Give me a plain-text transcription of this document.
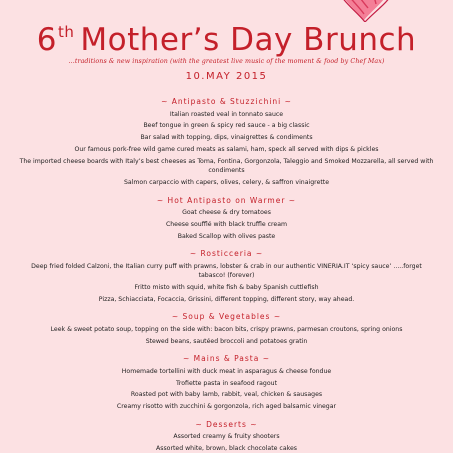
6th Mother’s Day Brunch
...traditions & new inspiration (with the greatest live music of the moment & food by Chef Max)
10.MAY 2015
~ Antipasto & Stuzzichini ~
Italian roasted veal in tonnato sauce
Beef tongue in green & spicy red sauce - a big classic
Bar salad with topping, dips, vinaigrettes & condiments
Our famous pork-free wild game cured meats as salami, ham, speck all served with dips & pickles
The imported cheese boards with Italy’s best cheeses as Toma, Fontina, Gorgonzola, Taleggio and Smoked Mozzarella, all served with condiments
Salmon carpaccio with capers, olives, celery, & saffron vinaigrette
~ Hot Antipasto on Warmer ~
Goat cheese & dry tomatoes
Cheese soufflé with black truffle cream
Baked Scallop with olives paste
~ Rosticceria ~
Deep fried folded Calzoni, the Italian curry puff with prawns, lobster & crab in our authentic VINERIA.IT ‘spicy sauce’ .....forget tabasco! (forever)
Fritto misto with squid, white fish & baby Spanish cuttlefish
Pizza, Schiacciata, Focaccia, Grissini, different topping, different story, way ahead.
~ Soup & Vegetables ~
Leek & sweet potato soup, topping on the side with: bacon bits, crispy prawns, parmesan croutons, spring onions
Stewed beans, sautéed broccoli and potatoes gratin
~ Mains & Pasta ~
Homemade tortellini with duck meat in asparagus & cheese fondue
Trofiette pasta in seafood ragout
Roasted pot with baby lamb, rabbit, veal, chicken & sausages
Creamy risotto with zucchini & gorgonzola, rich aged balsamic vinegar
~ Desserts ~
Assorted creamy & fruity shooters
Assorted white, brown, black chocolate cakes
